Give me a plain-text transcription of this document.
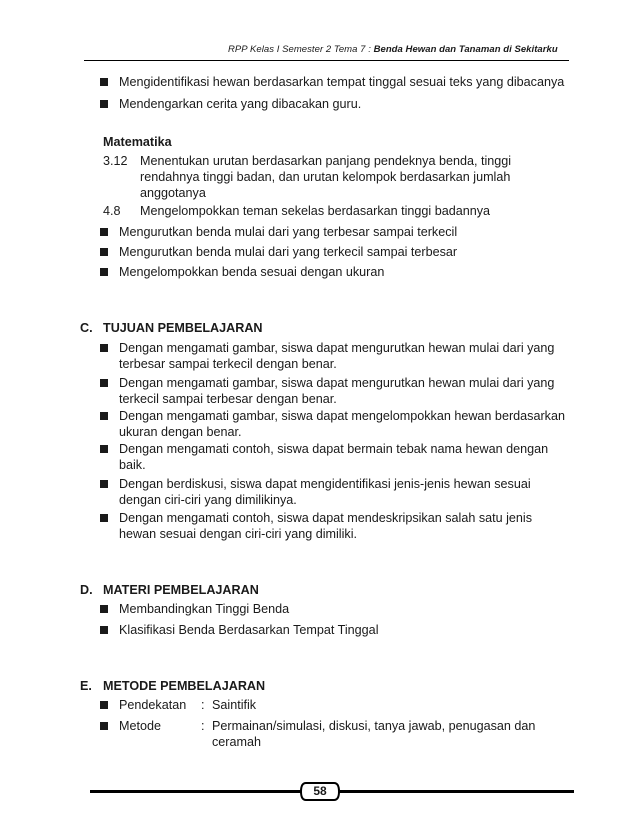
RPP Kelas I Semester 2 Tema 7 : Benda Hewan dan Tanaman di Sekitarku
Mengidentifikasi hewan berdasarkan tempat tinggal sesuai teks yang dibacanya
Mendengarkan cerita yang dibacakan guru.
Matematika
3.12 Menentukan urutan berdasarkan panjang pendeknya benda, tinggi rendahnya tinggi badan, dan urutan kelompok berdasarkan jumlah anggotanya
4.8 Mengelompokkan teman sekelas berdasarkan tinggi badannya
Mengurutkan benda mulai dari yang terbesar sampai terkecil
Mengurutkan benda mulai dari yang terkecil sampai terbesar
Mengelompokkan benda sesuai dengan ukuran
C. TUJUAN PEMBELAJARAN
Dengan mengamati gambar, siswa dapat mengurutkan hewan mulai dari yang terbesar sampai terkecil dengan benar.
Dengan mengamati gambar, siswa dapat mengurutkan hewan mulai dari yang terkecil sampai terbesar dengan benar.
Dengan mengamati gambar, siswa dapat mengelompokkan hewan berdasarkan ukuran dengan benar.
Dengan mengamati contoh, siswa dapat bermain tebak nama hewan dengan baik.
Dengan berdiskusi, siswa dapat mengidentifikasi jenis-jenis hewan sesuai dengan ciri-ciri yang dimilikinya.
Dengan mengamati contoh, siswa dapat mendeskripsikan salah satu jenis hewan sesuai dengan ciri-ciri yang dimiliki.
D. MATERI PEMBELAJARAN
Membandingkan Tinggi Benda
Klasifikasi Benda Berdasarkan Tempat Tinggal
E. METODE PEMBELAJARAN
Pendekatan : Saintifik
Metode	: Permainan/simulasi, diskusi, tanya jawab, penugasan dan ceramah
58
